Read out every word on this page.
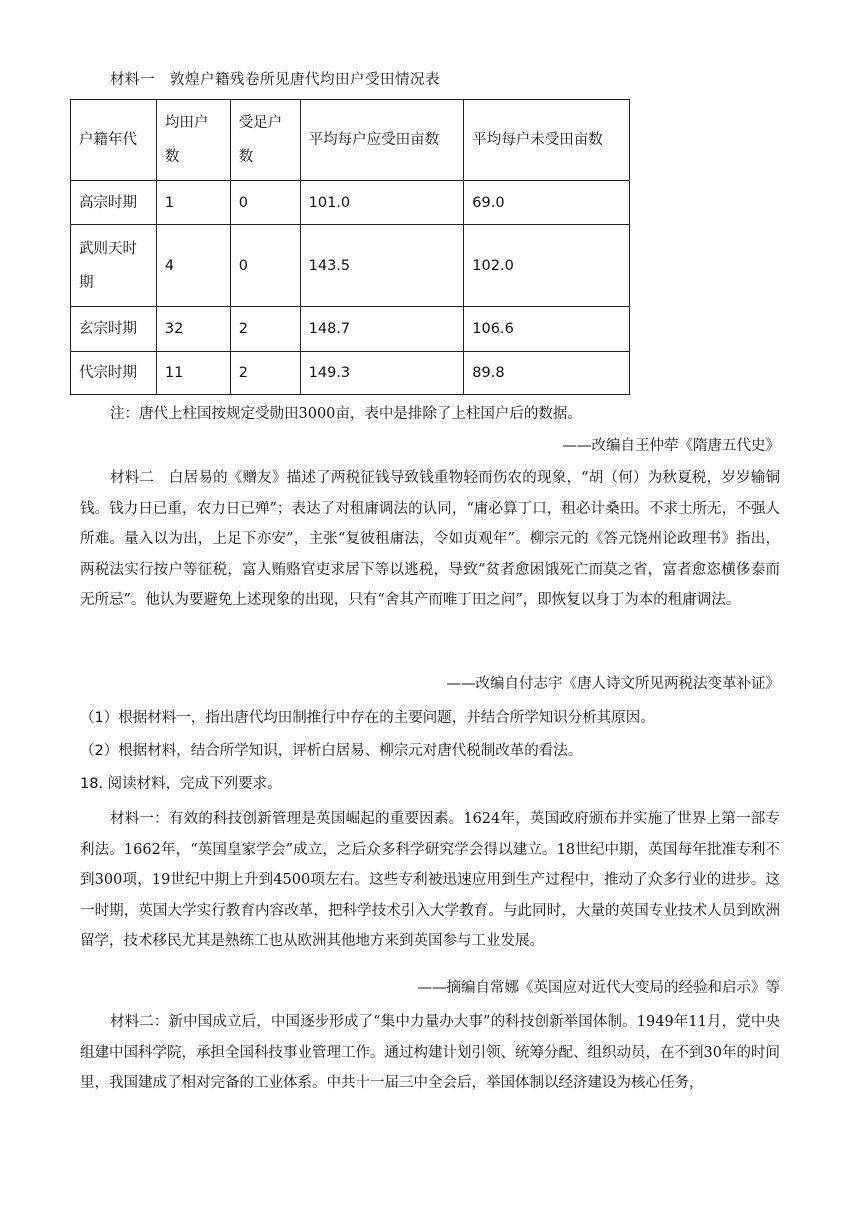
材料一　敦煌户籍残卷所见唐代均田户受田情况表
户籍年代	均田户数	受足户数	平均每户应受田亩数	平均每户未受田亩数
高宗时期	1	0	101.0	69.0
武则天时期	4	0	143.5	102.0
玄宗时期	32	2	148.7	106.6
代宗时期	11	2	149.3	89.8
注：唐代上柱国按规定受勋田3000亩，表中是排除了上柱国户后的数据。
——改编自王仲荦《隋唐五代史》
材料二　白居易的《赠友》描述了两税征钱导致钱重物轻而伤农的现象，“胡（何）为秋夏税，岁岁输铜钱。钱力日已重，农力日已殚”；表达了对租庸调法的认同，“庸必算丁口，租必计桑田。不求土所无，不强人所难。量入以为出，上足下亦安”，主张“复彼租庸法，令如贞观年”。柳宗元的《答元饶州论政理书》指出，两税法实行按户等征税，富人贿赂官吏求居下等以逃税，导致“贫者愈困饿死亡而莫之省，富者愈恣横侈泰而无所忌”。他认为要避免上述现象的出现，只有“舍其产而唯丁田之问”，即恢复以身丁为本的租庸调法。
——改编自付志宇《唐人诗文所见两税法变革补证》
（1）根据材料一，指出唐代均田制推行中存在的主要问题，并结合所学知识分析其原因。
（2）根据材料，结合所学知识，评析白居易、柳宗元对唐代税制改革的看法。
18. 阅读材料，完成下列要求。
材料一：有效的科技创新管理是英国崛起的重要因素。1624年，英国政府颁布并实施了世界上第一部专利法。1662年，“英国皇家学会”成立，之后众多科学研究学会得以建立。18世纪中期，英国每年批准专利不到300项，19世纪中期上升到4500项左右。这些专利被迅速应用到生产过程中，推动了众多行业的进步。这一时期，英国大学实行教育内容改革，把科学技术引入大学教育。与此同时，大量的英国专业技术人员到欧洲留学，技术移民尤其是熟练工也从欧洲其他地方来到英国参与工业发展。
——摘编自常娜《英国应对近代大变局的经验和启示》等
材料二：新中国成立后，中国逐步形成了“集中力量办大事”的科技创新举国体制。1949年11月，党中央组建中国科学院，承担全国科技事业管理工作。通过构建计划引领、统筹分配、组织动员，在不到30年的时间里，我国建成了相对完备的工业体系。中共十一届三中全会后，举国体制以经济建设为核心任务，
